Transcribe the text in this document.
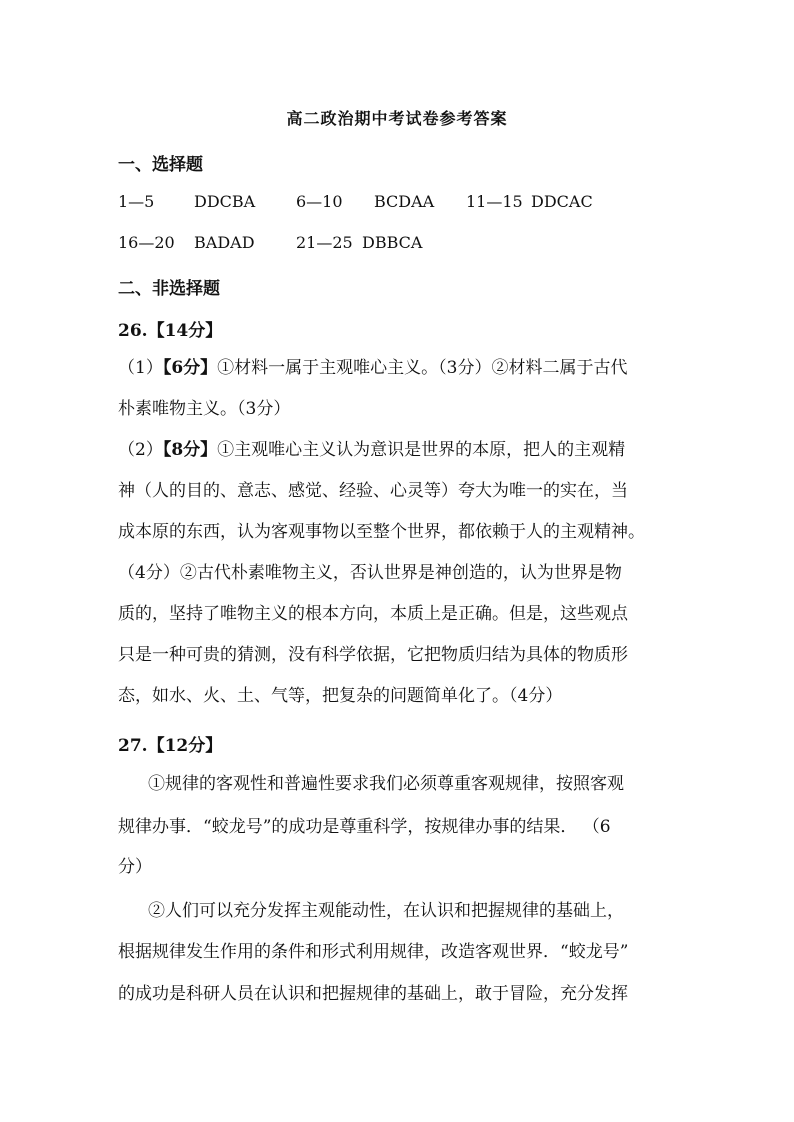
高二政治期中考试卷参考答案
一、选择题
1—5 DDCBA	6—10 BCDAA 11—15 DDCAC
16—20 BADAD	21—25 DBBCA
二、非选择题
26.【14分】
（1）【6分】①材料一属于主观唯心主义。（3分）②材料二属于古代
朴素唯物主义。（3分）
（2）【8分】①主观唯心主义认为意识是世界的本原，把人的主观精
神（人的目的、意志、感觉、经验、心灵等）夸大为唯一的实在，当
成本原的东西，认为客观事物以至整个世界，都依赖于人的主观精神。
（4分）②古代朴素唯物主义，否认世界是神创造的，认为世界是物
质的，坚持了唯物主义的根本方向，本质上是正确。但是，这些观点
只是一种可贵的猜测，没有科学依据，它把物质归结为具体的物质形
态，如水、火、土、气等，把复杂的问题简单化了。（4分）
27.【12分】
①规律的客观性和普遍性要求我们必须尊重客观规律，按照客观
规律办事．“蛟龙号”的成功是尊重科学，按规律办事的结果． （6
分）
②人们可以充分发挥主观能动性，在认识和把握规律的基础上，
根据规律发生作用的条件和形式利用规律，改造客观世界．“蛟龙号”
的成功是科研人员在认识和把握规律的基础上，敢于冒险，充分发挥
